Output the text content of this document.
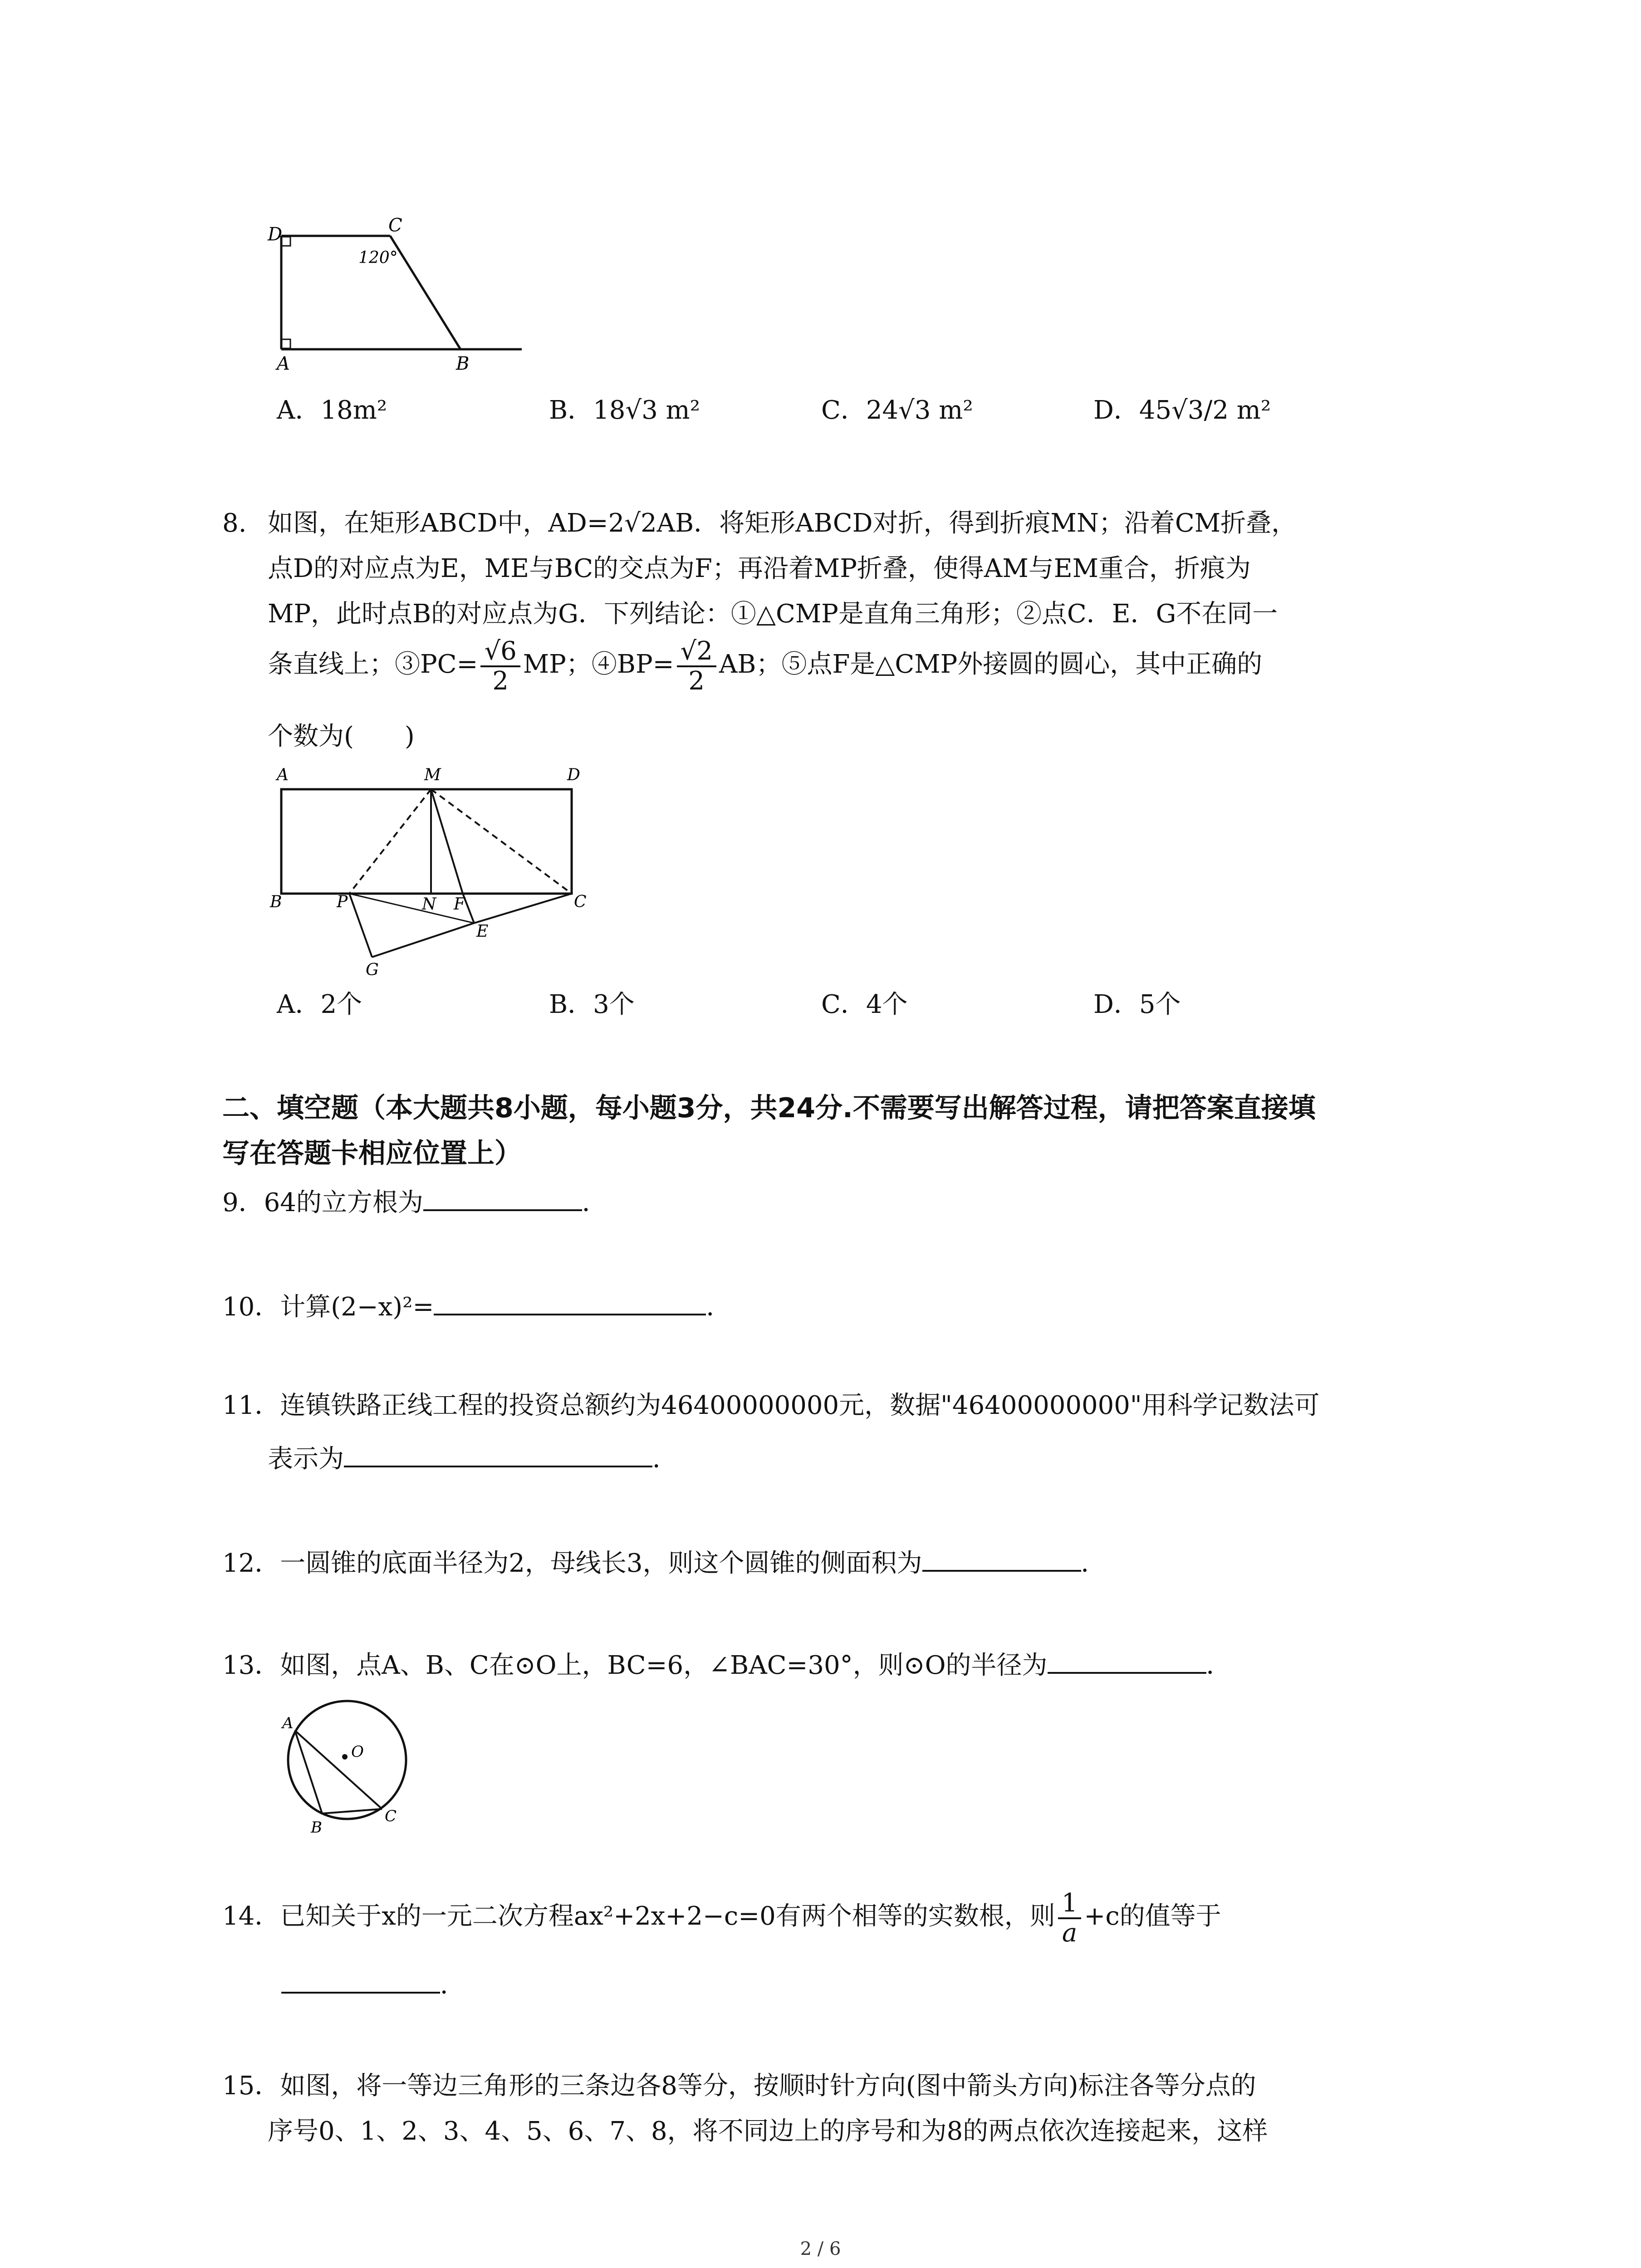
D	C
120°
A	B
A．18m²	B．18√3 m²	C．24√3 m²	D．45√3/2 m²
8. 如图，在矩形ABCD中，AD=2√2AB．将矩形ABCD对折，得到折痕MN；沿着CM折叠，
点D的对应点为E，ME与BC的交点为F；再沿着MP折叠，使得AM与EM重合，折痕为
MP，此时点B的对应点为G．下列结论：①△CMP是直角三角形；②点C．E．G不在同一
条直线上；③PC= $\frac{√6}{2}$ MP；④BP= $\frac{√2}{2}$ AB；⑤点F是△CMP外接圆的圆心，其中正确的
个数为(　　)
A	M	D
B	P	N F	C
E
G
A．2个	B．3个	C．4个	D．5个
二、填空题（本大题共8小题，每小题3分，共24分.不需要写出解答过程，请把答案直接填
写在答题卡相应位置上）
9．64的立方根为	．
10．计算(2−x)²=	．
11．连镇铁路正线工程的投资总额约为46400000000元，数据"46400000000"用科学记数法可
表示为	．
12．一圆锥的底面半径为2，母线长3，则这个圆锥的侧面积为	．
13．如图，点A、B、C在⊙O上，BC=6，∠BAC=30°，则⊙O的半径为	．
A
O
B
C
14．已知关于x的一元二次方程ax²+2x+2−c=0有两个相等的实数根，则 $\frac{1}{a} +c$的值等于
．
15．如图，将一等边三角形的三条边各8等分，按顺时针方向(图中箭头方向)标注各等分点的
序号0、1、2、3、4、5、6、7、8，将不同边上的序号和为8的两点依次连接起来，这样
2 / 6
